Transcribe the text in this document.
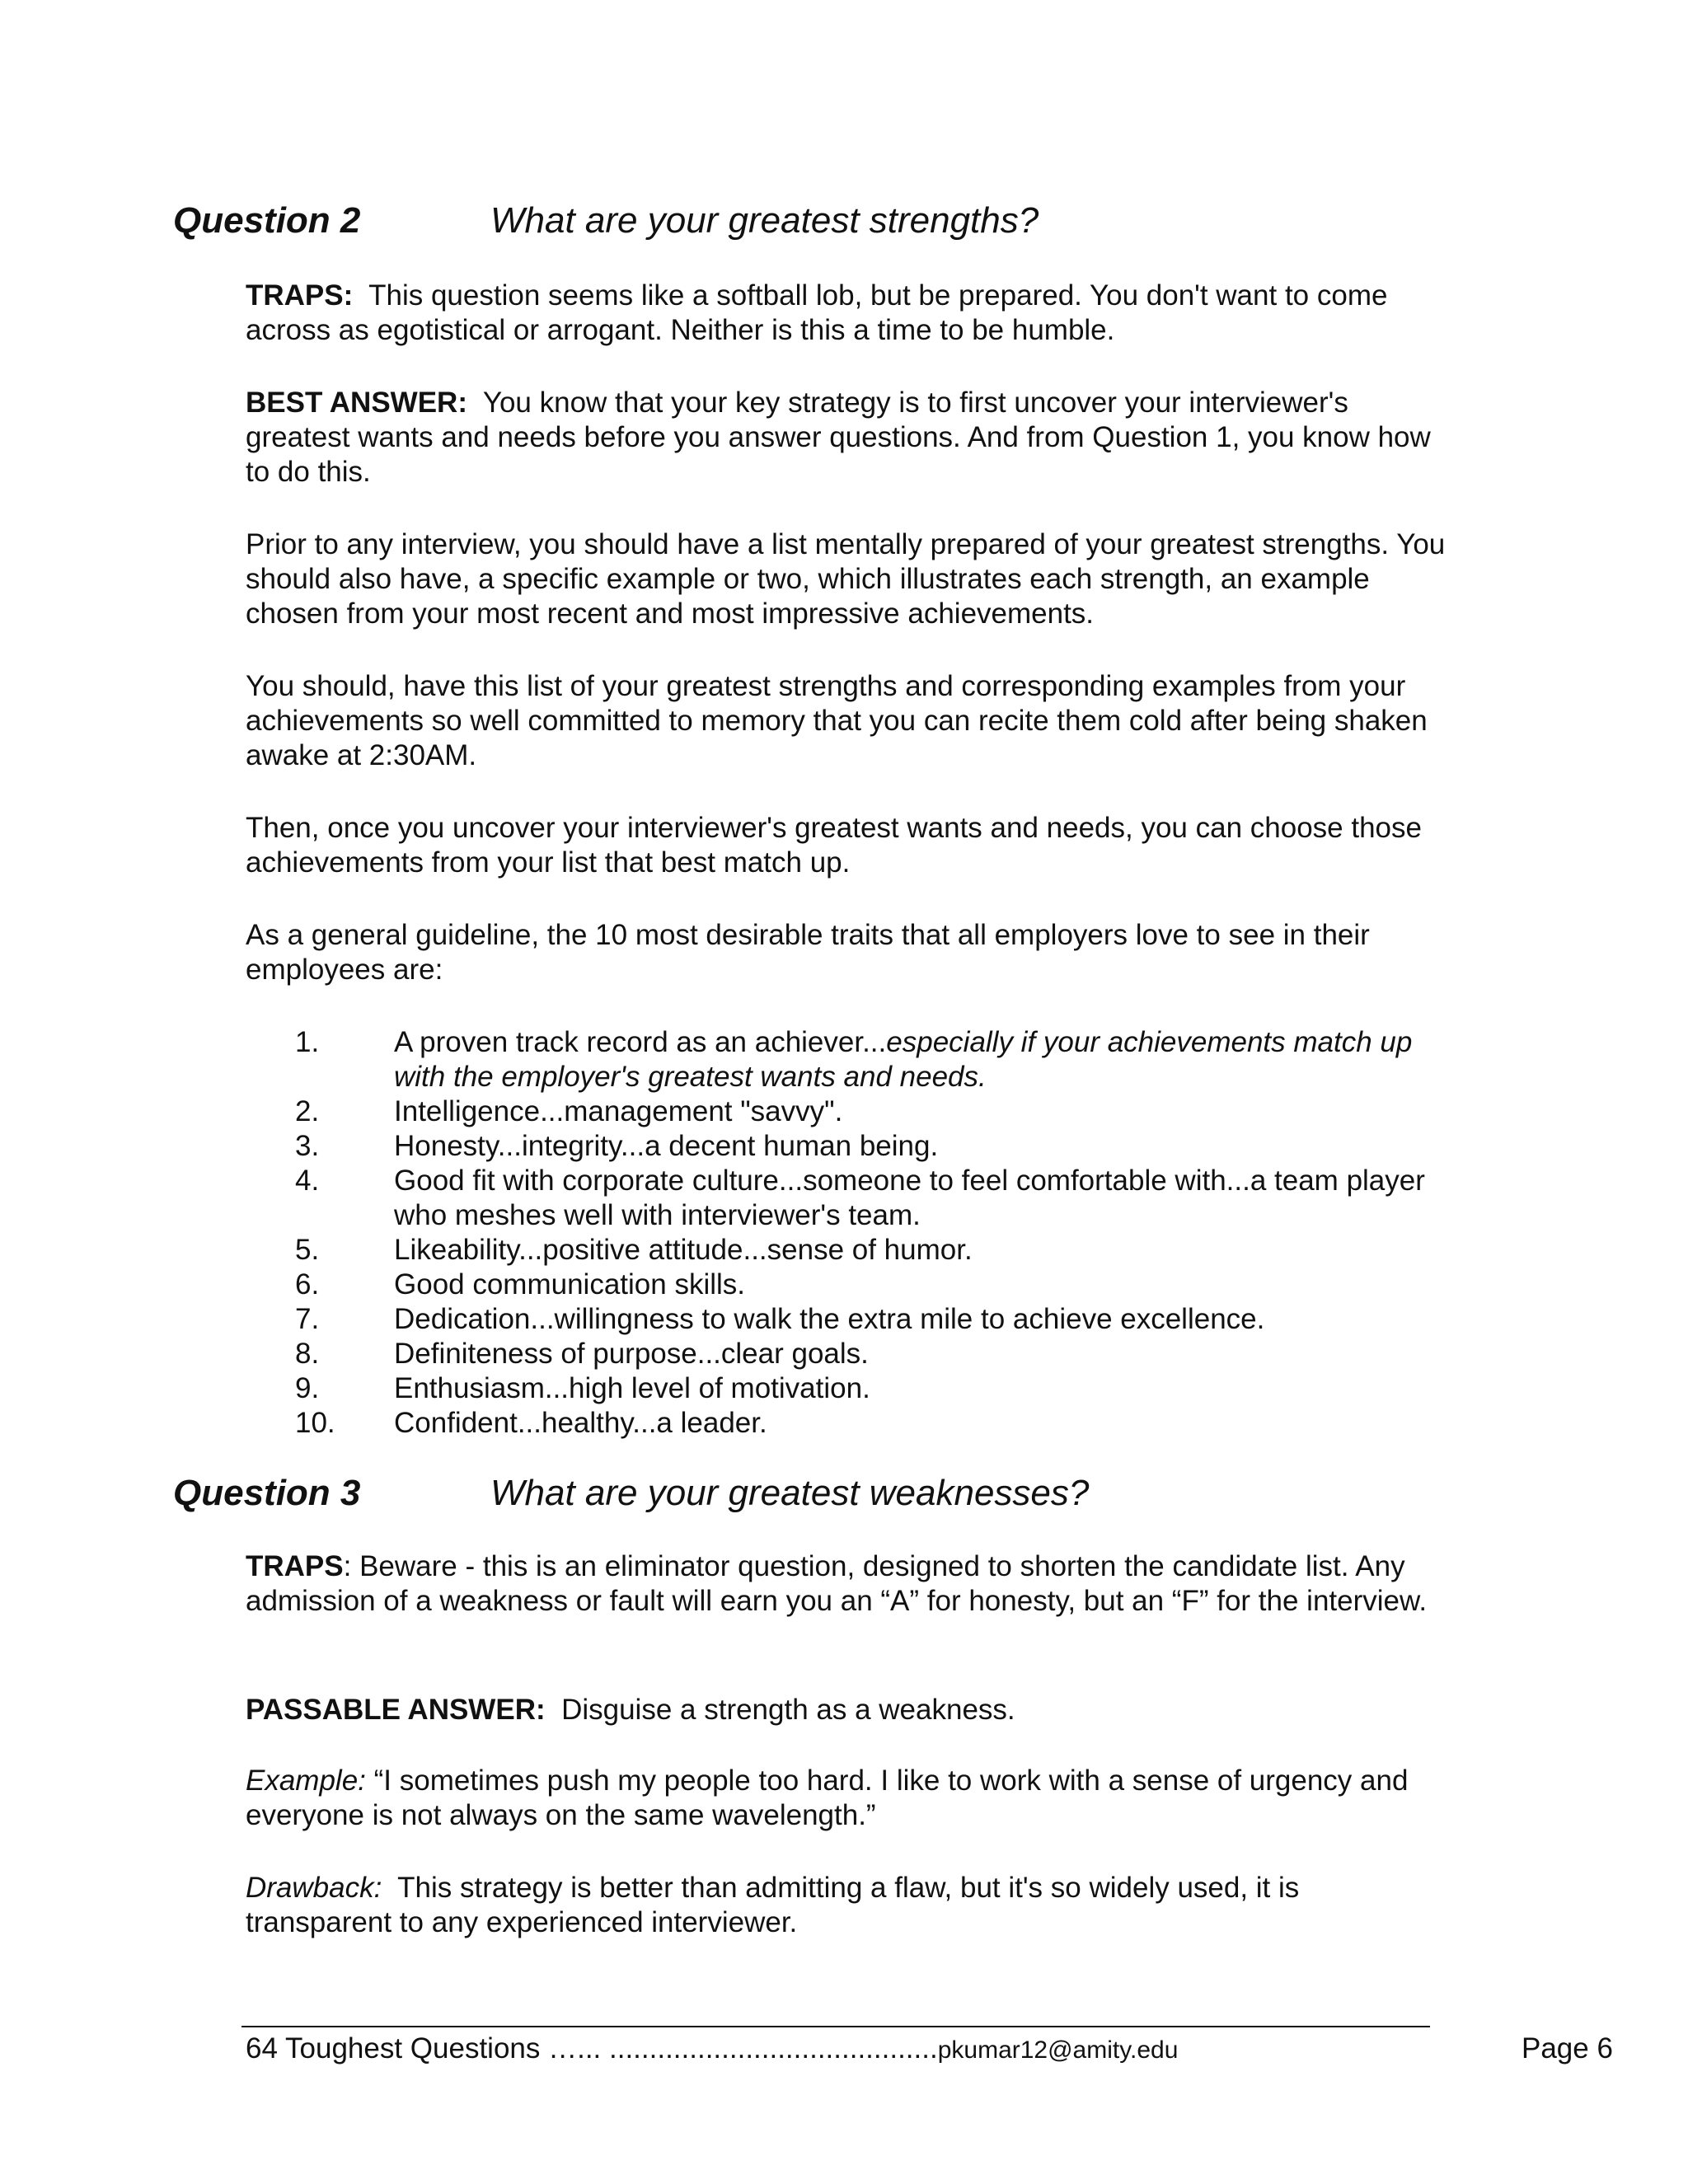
Question 2	What are your greatest strengths?

TRAPS: This question seems like a softball lob, but be prepared. You don't want to come across as egotistical or arrogant. Neither is this a time to be humble.

BEST ANSWER: You know that your key strategy is to first uncover your interviewer's greatest wants and needs before you answer questions. And from Question 1, you know how to do this.

Prior to any interview, you should have a list mentally prepared of your greatest strengths. You should also have, a specific example or two, which illustrates each strength, an example chosen from your most recent and most impressive achievements.

You should, have this list of your greatest strengths and corresponding examples from your achievements so well committed to memory that you can recite them cold after being shaken awake at 2:30AM.

Then, once you uncover your interviewer's greatest wants and needs, you can choose those achievements from your list that best match up.

As a general guideline, the 10 most desirable traits that all employers love to see in their employees are:

1.	A proven track record as an achiever...especially if your achievements match up with the employer's greatest wants and needs.
2.	Intelligence...management "savvy".
3.	Honesty...integrity...a decent human being.
4.	Good fit with corporate culture...someone to feel comfortable with...a team player who meshes well with interviewer's team.
5.	Likeability...positive attitude...sense of humor.
6.	Good communication skills.
7.	Dedication...willingness to walk the extra mile to achieve excellence.
8.	Definiteness of purpose...clear goals.
9.	Enthusiasm...high level of motivation.
10. Confident...healthy...a leader.
Question 3	What are your greatest weaknesses?

TRAPS: Beware - this is an eliminator question, designed to shorten the candidate list. Any admission of a weakness or fault will earn you an “A” for honesty, but an “F” for the interview.

PASSABLE ANSWER: Disguise a strength as a weakness.

Example: “I sometimes push my people too hard. I like to work with a sense of urgency and everyone is not always on the same wavelength.”

Drawback: This strategy is better than admitting a flaw, but it's so widely used, it is transparent to any experienced interviewer.

64 Toughest Questions …... .........................................pkumar12@amity.edu	Page 6
